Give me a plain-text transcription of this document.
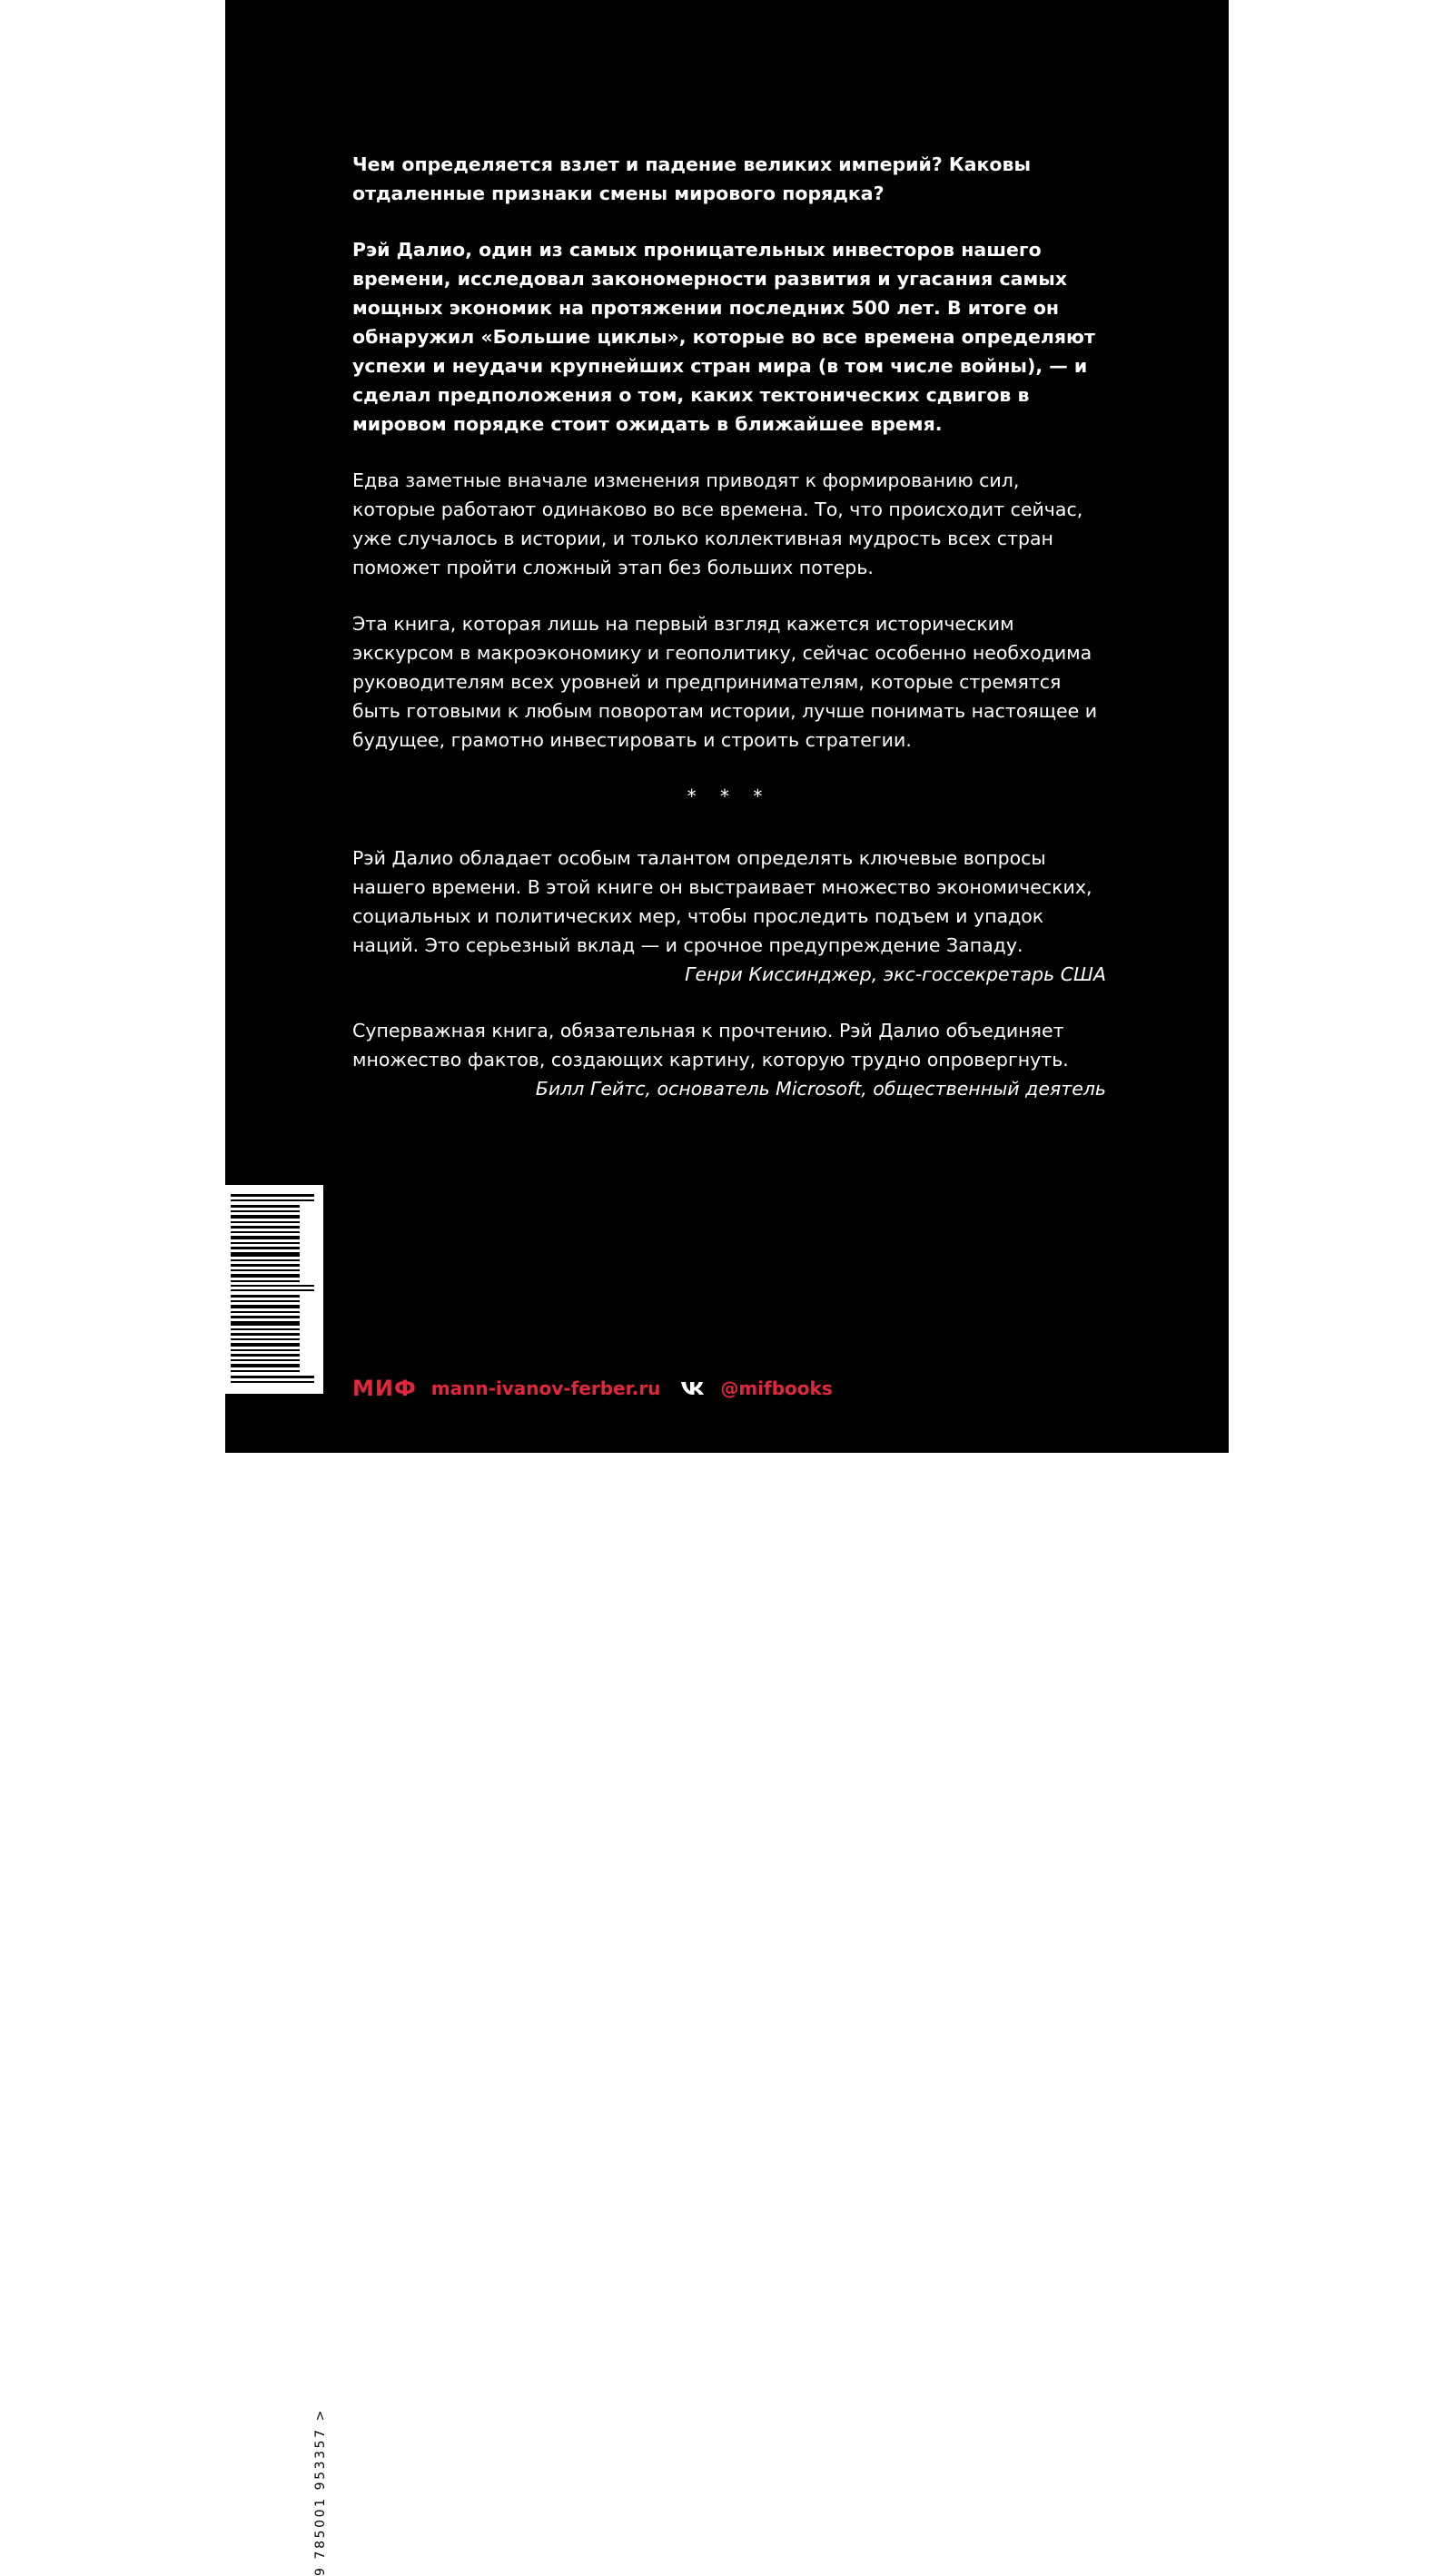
Чем определяется взлет и падение великих империй? Каковы отдаленные признаки смены мирового порядка?

Рэй Далио, один из самых проницательных инвесторов нашего времени, исследовал закономерности развития и угасания самых мощных экономик на протяжении последних 500 лет. В итоге он обнаружил «Большие циклы», которые во все времена определяют успехи и неудачи крупнейших стран мира (в том числе войны), — и сделал предположения о том, каких тектонических сдвигов в мировом порядке стоит ожидать в ближайшее время.

Едва заметные вначале изменения приводят к формированию сил, которые работают одинаково во все времена. То, что происходит сейчас, уже случалось в истории, и только коллективная мудрость всех стран поможет пройти сложный этап без больших потерь.

Эта книга, которая лишь на первый взгляд кажется историческим экскурсом в макроэкономику и геополитику, сейчас особенно необходима руководителям всех уровней и предпринимателям, которые стремятся быть готовыми к любым поворотам истории, лучше понимать настоящее и будущее, грамотно инвестировать и строить стратегии.

* * *

Рэй Далио обладает особым талантом определять ключевые вопросы нашего времени. В этой книге он выстраивает множество экономических, социальных и политических мер, чтобы проследить подъем и упадок наций. Это серьезный вклад — и срочное предупреждение Западу.

Генри Киссинджер, экс-госсекретарь США

Суперважная книга, обязательная к прочтению. Рэй Далио объединяет множество фактов, создающих картину, которую трудно опровергнуть.

Билл Гейтс, основатель Microsoft, общественный деятель

МИФ mann-ivanov-ferber.ru	@mifbooks
9 785001 953357 >
